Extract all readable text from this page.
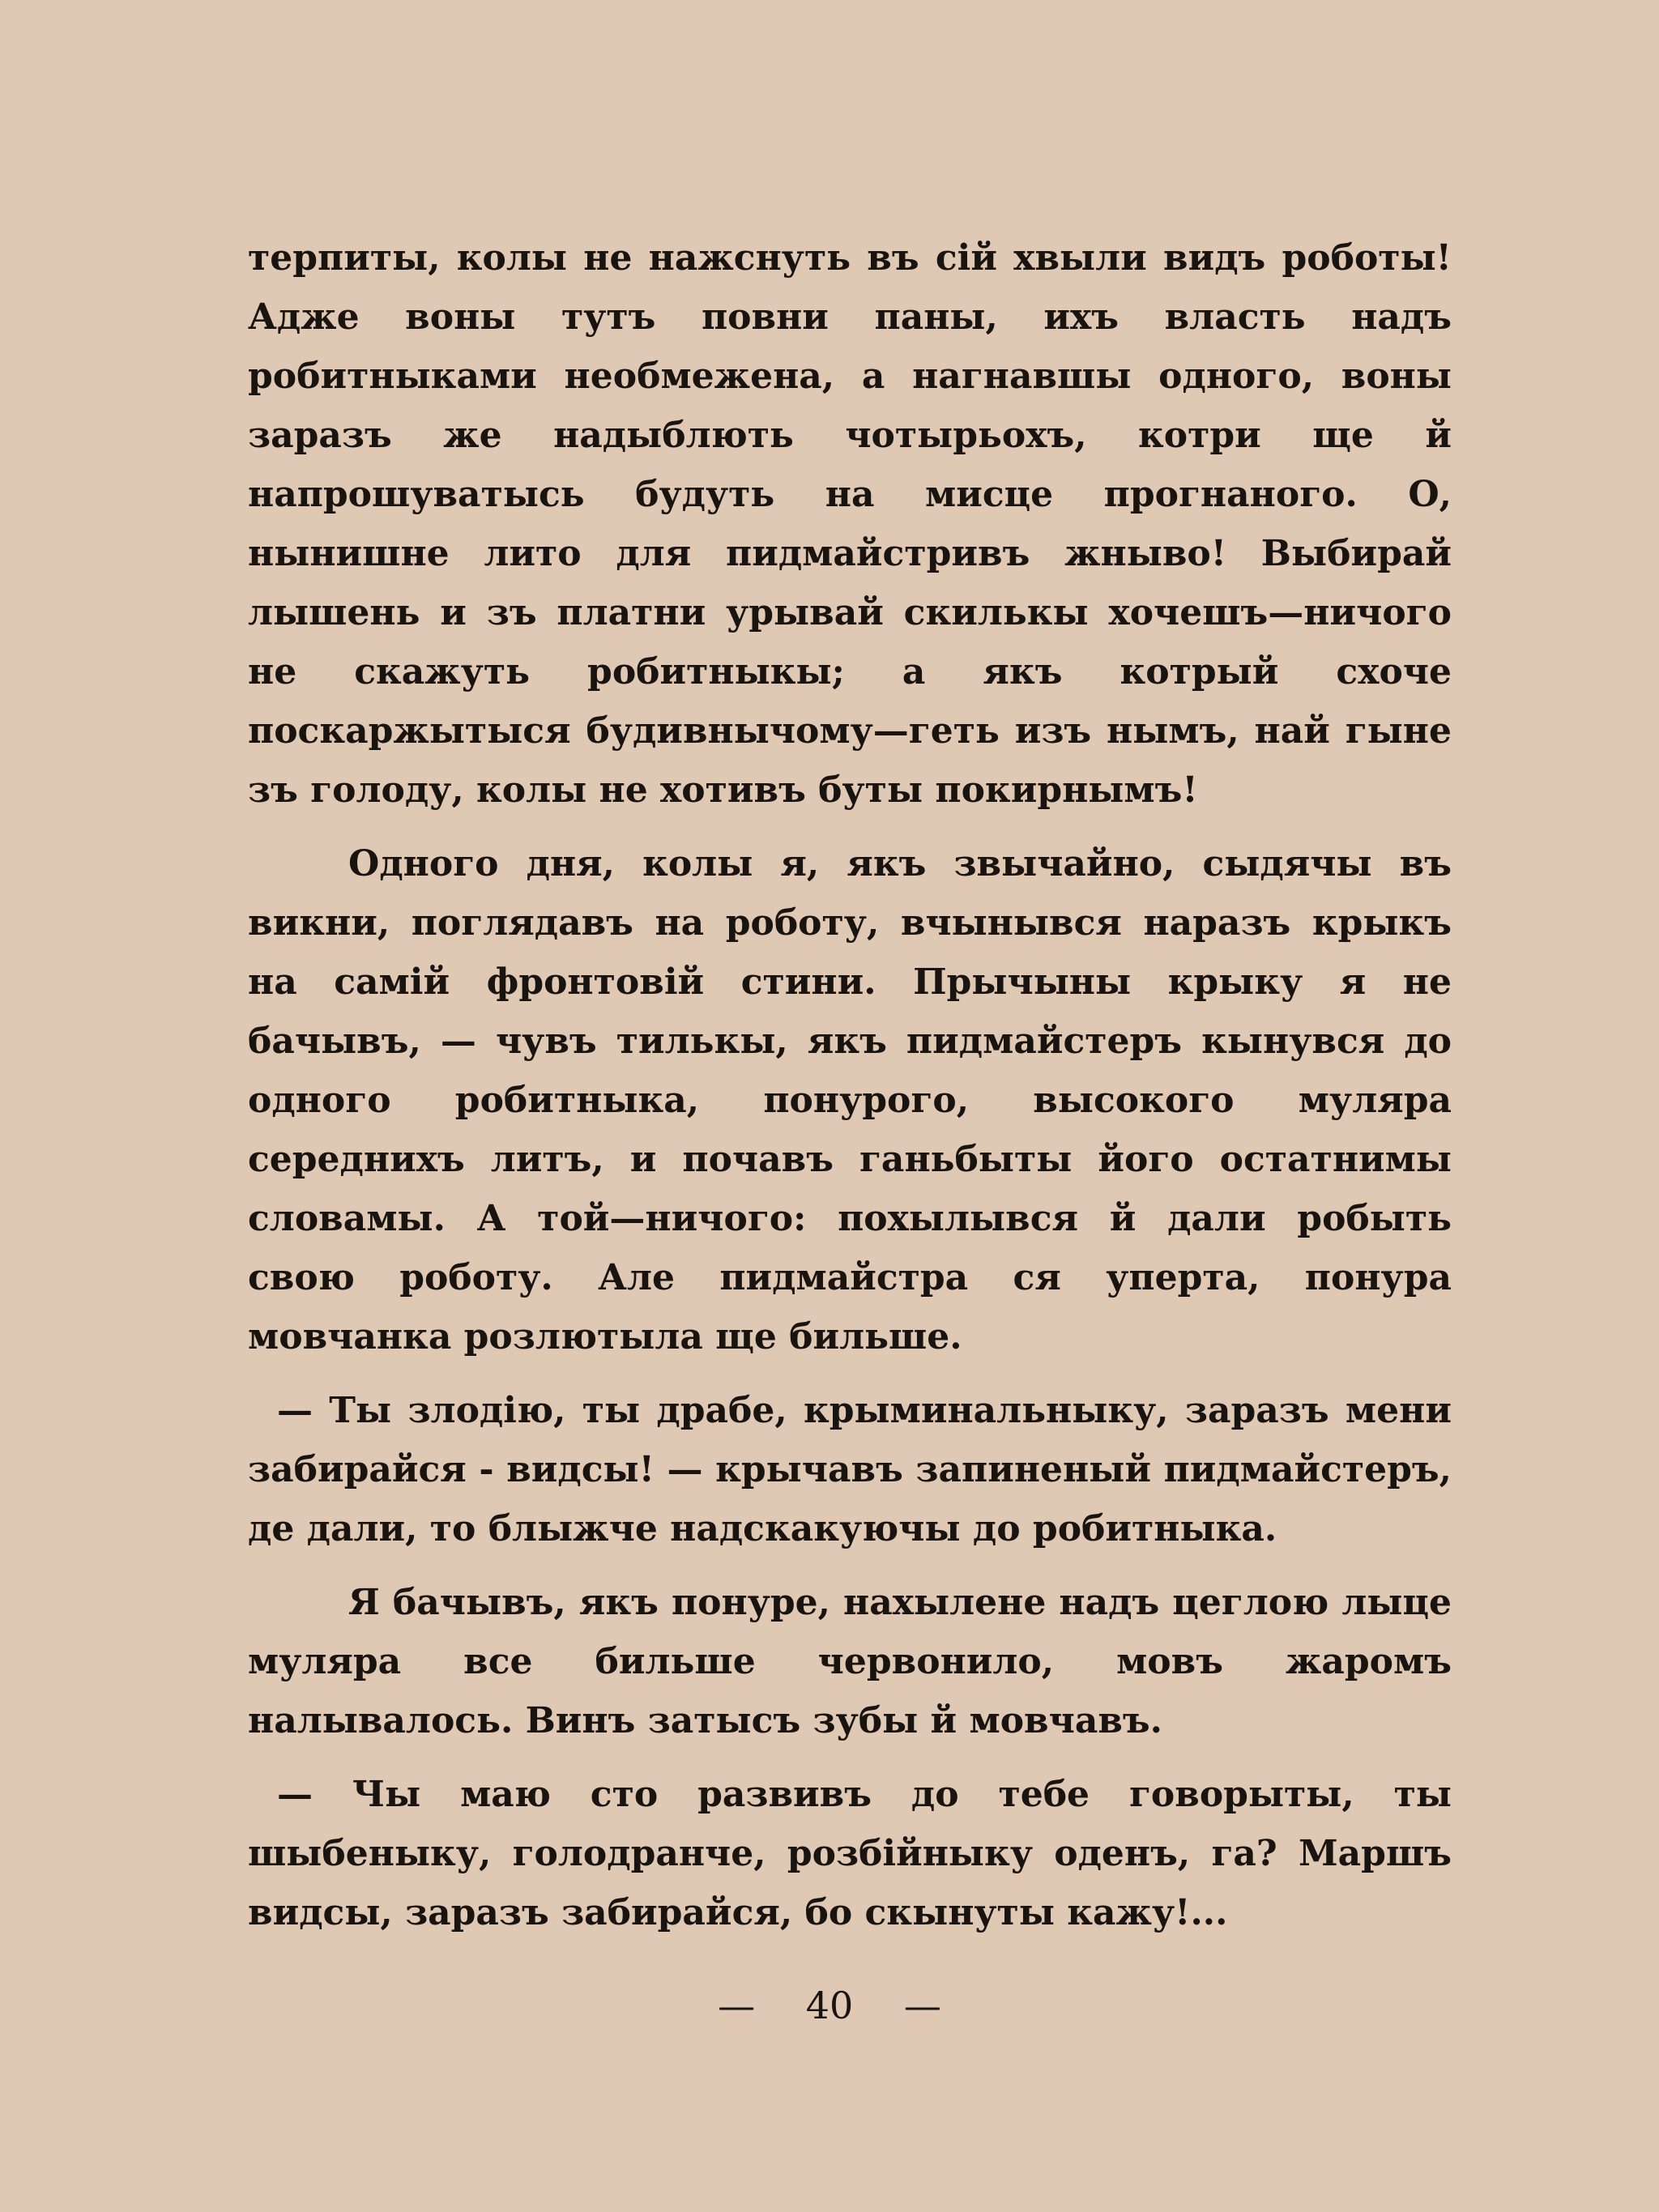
терпиты, колы не нажснуть въ сій хвыли видъ роботы! Адже воны тутъ повни паны, ихъ власть надъ робитныками необмежена, а нагнавшы одного, воны заразъ же надыблють чотырьохъ, котри ще й напрошуватысь будуть на мисце прогнаного. О, нынишне лито для пидмайстривъ жныво! Выбирай лышень и зъ платни урывай скилькы хочешъ—ничого не скажуть робитныкы; а якъ котрый схоче поскаржытыся будивнычому—геть изъ нымъ, най гыне зъ голоду, колы не хотивъ буты покирнымъ!

Одного дня, колы я, якъ звычайно, сыдячы въ викни, поглядавъ на роботу, вчынывся наразъ крыкъ на самій фронтовій стини. Прычыны крыку я не бачывъ, — чувъ тилькы, якъ пидмайстеръ кынувся до одного робитныка, понурого, высокого муляра середнихъ литъ, и почавъ ганьбыты його остатнимы словамы. А той—ничого: похылывся й дали робыть свою роботу. Але пидмайстра ся уперта, понура мовчанка розлютыла ще бильше.

— Ты злодію, ты драбе, крыминальныку, заразъ мени забирайся - видсы! — крычавъ запиненый пидмайстеръ, де дали, то блыжче надскакуючы до робитныка.

Я бачывъ, якъ понуре, нахылене надъ цеглою лыце муляра все бильше червонило, мовъ жаромъ налывалось. Винъ затысъ зубы й мовчавъ.

— Чы маю сто развивъ до тебе говорыты, ты шыбеныку, голодранче, розбійныку оденъ, га? Маршъ видсы, заразъ забирайся, бо скынуты кажу!...

— 40 —
